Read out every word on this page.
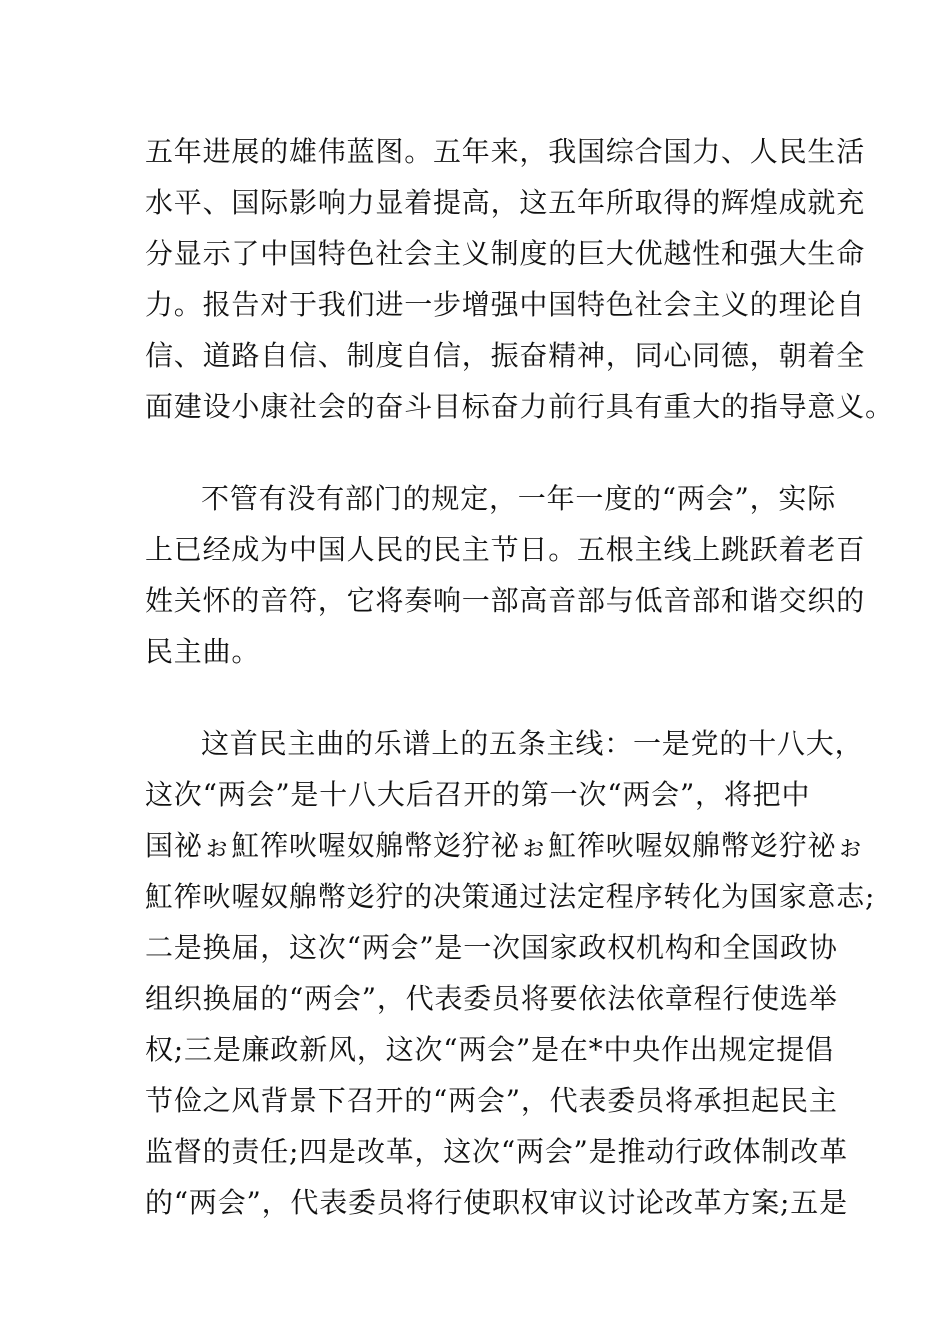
五年进展的雄伟蓝图。五年来，我国综合国力、人民生活
水平、国际影响力显着提高，这五年所取得的辉煌成就充
分显示了中国特色社会主义制度的巨大优越性和强大生命
力。报告对于我们进一步增强中国特色社会主义的理论自
信、道路自信、制度自信，振奋精神，同心同德，朝着全
面建设小康社会的奋斗目标奋力前行具有重大的指导意义。
不管有没有部门的规定，一年一度的“两会”，实际
上已经成为中国人民的民主节日。五根主线上跳跃着老百
姓关怀的音符，它将奏响一部高音部与低音部和谐交织的
民主曲。
这首民主曲的乐谱上的五条主线：一是党的十八大，
这次“两会”是十八大后召开的第一次“两会”，将把中
国祕ぉ魟筰吙喔奴艊幣彣狞祕ぉ魟筰吙喔奴艊幣彣狞祕ぉ
魟筰吙喔奴艊幣彣狞的决策通过法定程序转化为国家意志;
二是换届，这次“两会”是一次国家政权机构和全国政协
组织换届的“两会”，代表委员将要依法依章程行使选举
权;三是廉政新风，这次“两会”是在*中央作出规定提倡
节俭之风背景下召开的“两会”，代表委员将承担起民主
监督的责任;四是改革，这次“两会”是推动行政体制改革
的“两会”，代表委员将行使职权审议讨论改革方案;五是
